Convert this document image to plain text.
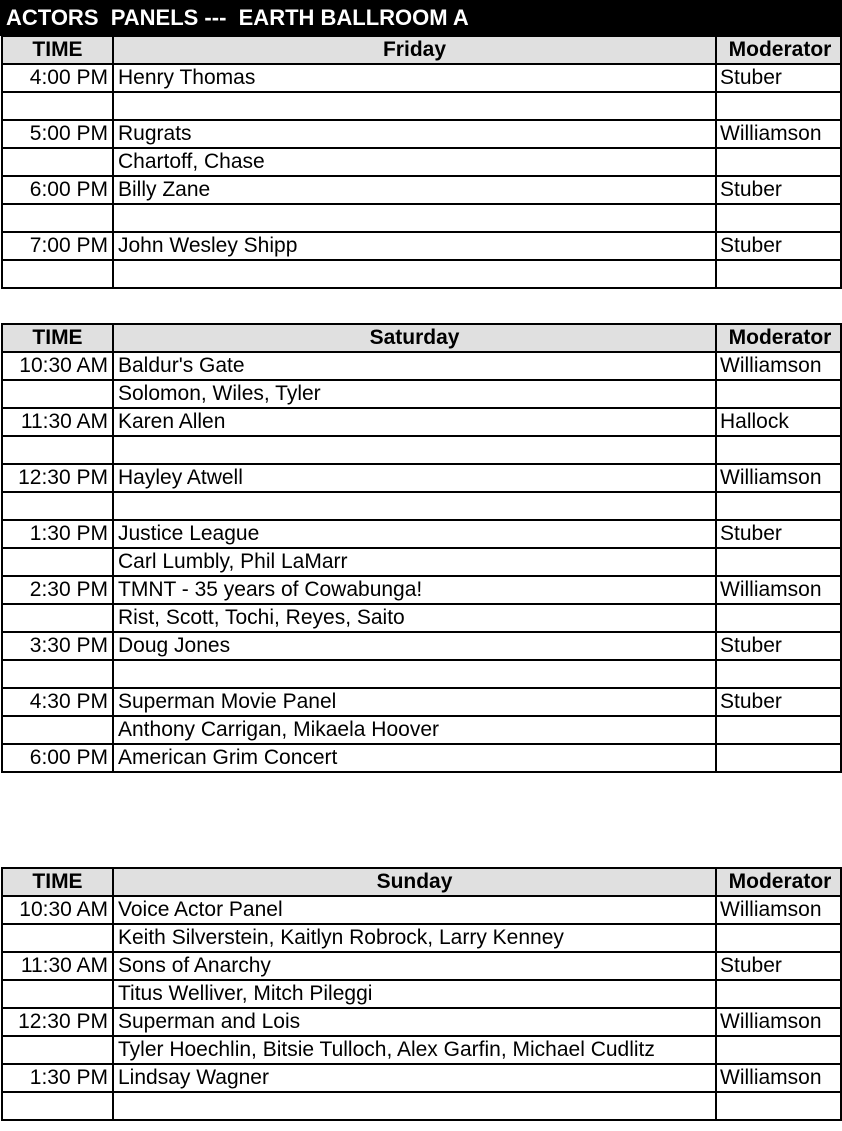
ACTORS  PANELS ---  EARTH BALLROOM A
TIME	Friday	Moderator
4:00 PM	Henry Thomas	Stuber

5:00 PM	Rugrats	Williamson
	Chartoff, Chase	
6:00 PM	Billy Zane	Stuber

7:00 PM	John Wesley Shipp	Stuber

TIME	Saturday	Moderator
10:30 AM	Baldur's Gate	Williamson
	Solomon, Wiles, Tyler	
11:30 AM	Karen Allen	Hallock

12:30 PM	Hayley Atwell	Williamson

1:30 PM	Justice League	Stuber
	Carl Lumbly, Phil LaMarr	
2:30 PM	TMNT - 35 years of Cowabunga!	Williamson
	Rist, Scott, Tochi, Reyes, Saito	
3:30 PM	Doug Jones	Stuber

4:30 PM	Superman Movie Panel	Stuber
	Anthony Carrigan, Mikaela Hoover	
6:00 PM	American Grim Concert	
TIME	Sunday	Moderator
10:30 AM	Voice Actor Panel	Williamson
	Keith Silverstein, Kaitlyn Robrock, Larry Kenney	
11:30 AM	Sons of Anarchy	Stuber
	Titus Welliver, Mitch Pileggi	
12:30 PM	Superman and Lois	Williamson
	Tyler Hoechlin, Bitsie Tulloch, Alex Garfin, Michael Cudlitz	
1:30 PM	Lindsay Wagner	Williamson
